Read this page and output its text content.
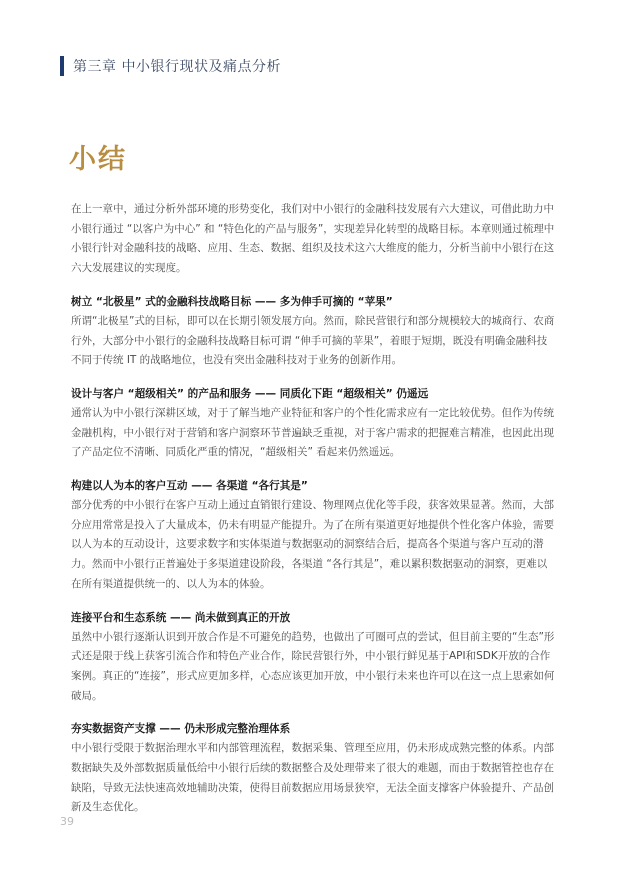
第三章 中小银行现状及痛点分析
小结

在上一章中，通过分析外部环境的形势变化，我们对中小银行的金融科技发展有六大建议，可借此助力中小银行通过 “以客户为中心” 和 “特色化的产品与服务”，实现差异化转型的战略目标。本章则通过梳理中小银行针对金融科技的战略、应用、生态、数据、组织及技术这六大维度的能力，分析当前中小银行在这六大发展建议的实现度。

树立 “北极星” 式的金融科技战略目标 —— 多为伸手可摘的 “苹果”

所谓“北极星”式的目标，即可以在长期引领发展方向。然而，除民营银行和部分规模较大的城商行、农商行外，大部分中小银行的金融科技战略目标可谓 “伸手可摘的苹果”，着眼于短期，既没有明确金融科技不同于传统 IT 的战略地位，也没有突出金融科技对于业务的创新作用。

设计与客户 “超级相关” 的产品和服务 —— 同质化下距 “超级相关” 仍遥远

通常认为中小银行深耕区域，对于了解当地产业特征和客户的个性化需求应有一定比较优势。但作为传统金融机构，中小银行对于营销和客户洞察环节普遍缺乏重视，对于客户需求的把握难言精准，也因此出现了产品定位不清晰、同质化严重的情况，“超级相关” 看起来仍然遥远。

构建以人为本的客户互动 —— 各渠道 “各行其是”

部分优秀的中小银行在客户互动上通过直销银行建设、物理网点优化等手段，获客效果显著。然而，大部分应用常常是投入了大量成本，仍未有明显产能提升。为了在所有渠道更好地提供个性化客户体验，需要以人为本的互动设计，这要求数字和实体渠道与数据驱动的洞察结合后，提高各个渠道与客户互动的潜力。然而中小银行正普遍处于多渠道建设阶段，各渠道 “各行其是”，难以累积数据驱动的洞察，更难以在所有渠道提供统一的、以人为本的体验。

连接平台和生态系统 —— 尚未做到真正的开放

虽然中小银行逐渐认识到开放合作是不可避免的趋势，也做出了可圈可点的尝试，但目前主要的“生态”形式还是限于线上获客引流合作和特色产业合作，除民营银行外，中小银行鲜见基于API和SDK开放的合作案例。真正的“连接”，形式应更加多样，心态应该更加开放，中小银行未来也许可以在这一点上思索如何破局。

夯实数据资产支撑 —— 仍未形成完整治理体系

中小银行受限于数据治理水平和内部管理流程，数据采集、管理至应用，仍未形成成熟完整的体系。内部数据缺失及外部数据质量低给中小银行后续的数据整合及处理带来了很大的难题，而由于数据管控也存在缺陷，导致无法快速高效地辅助决策，使得目前数据应用场景狭窄，无法全面支撑客户体验提升、产品创新及生态优化。

39
